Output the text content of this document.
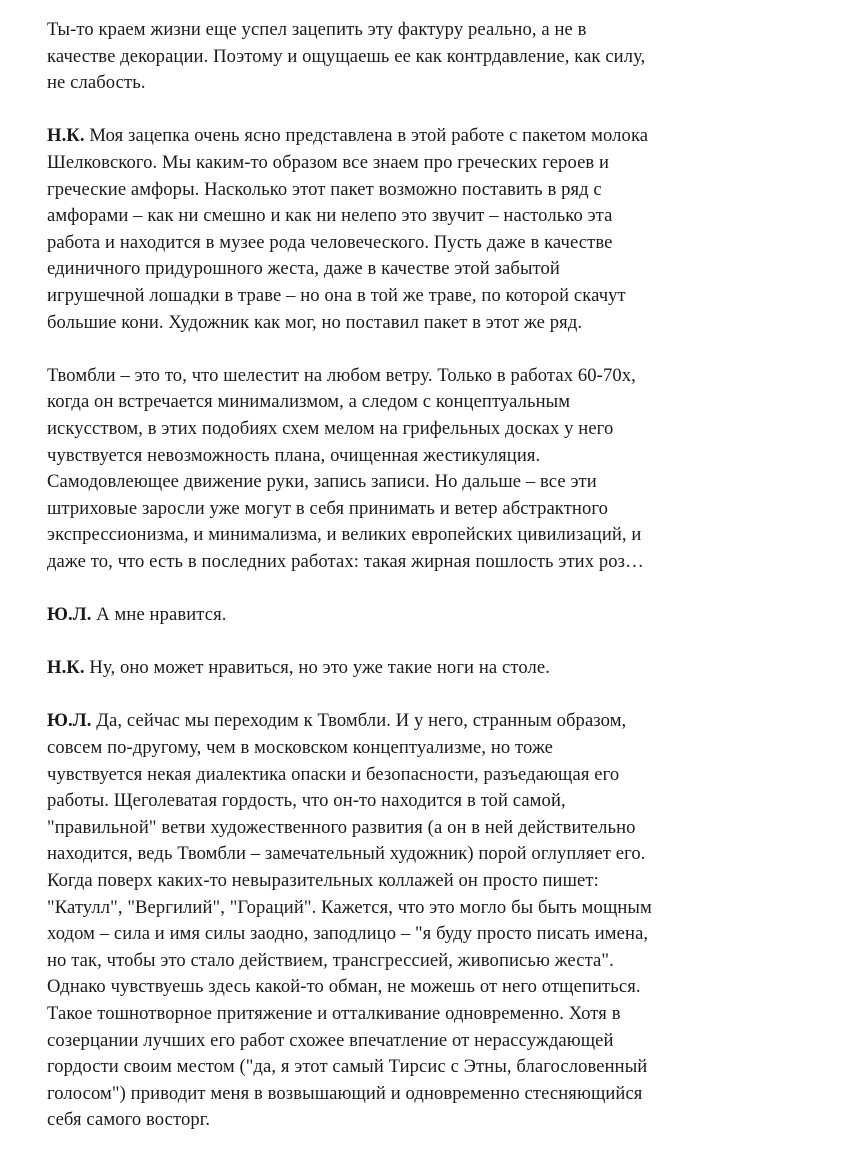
Ты-то краем жизни еще успел зацепить эту фактуру реально, а не в
качестве декорации. Поэтому и ощущаешь ее как контрдавление, как силу,
не слабость.

Н.К. Моя зацепка очень ясно представлена в этой работе с пакетом молока
Шелковского. Мы каким-то образом все знаем про греческих героев и
греческие амфоры. Насколько этот пакет возможно поставить в ряд с
амфорами – как ни смешно и как ни нелепо это звучит – настолько эта
работа и находится в музее рода человеческого. Пусть даже в качестве
единичного придурошного жеста, даже в качестве этой забытой
игрушечной лошадки в траве – но она в той же траве, по которой скачут
большие кони. Художник как мог, но поставил пакет в этот же ряд.

Твомбли – это то, что шелестит на любом ветру. Только в работах 60-70х,
когда он встречается минимализмом, а следом с концептуальным
искусством, в этих подобиях схем мелом на грифельных досках у него
чувствуется невозможность плана, очищенная жестикуляция.
Самодовлеющее движение руки, запись записи. Но дальше – все эти
штриховые заросли уже могут в себя принимать и ветер абстрактного
экспрессионизма, и минимализма, и великих европейских цивилизаций, и
даже то, что есть в последних работах: такая жирная пошлость этих роз…

Ю.Л. А мне нравится.

Н.К. Ну, оно может нравиться, но это уже такие ноги на столе.

Ю.Л. Да, сейчас мы переходим к Твомбли. И у него, странным образом,
совсем по-другому, чем в московском концептуализме, но тоже
чувствуется некая диалектика опаски и безопасности, разъедающая его
работы. Щеголеватая гордость, что он-то находится в той самой,
"правильной" ветви художественного развития (а он в ней действительно
находится, ведь Твомбли – замечательный художник) порой оглупляет его.
Когда поверх каких-то невыразительных коллажей он просто пишет:
"Катулл", "Вергилий", "Гораций". Кажется, что это могло бы быть мощным
ходом – сила и имя силы заодно, заподлицо – "я буду просто писать имена,
но так, чтобы это стало действием, трансгрессией, живописью жеста".
Однако чувствуешь здесь какой-то обман, не можешь от него отщепиться.
Такое тошнотворное притяжение и отталкивание одновременно. Хотя в
созерцании лучших его работ схожее впечатление от нерассуждающей
гордости своим местом ("да, я этот самый Тирсис с Этны, благословенный
голосом") приводит меня в возвышающий и одновременно стесняющийся
себя самого восторг.
